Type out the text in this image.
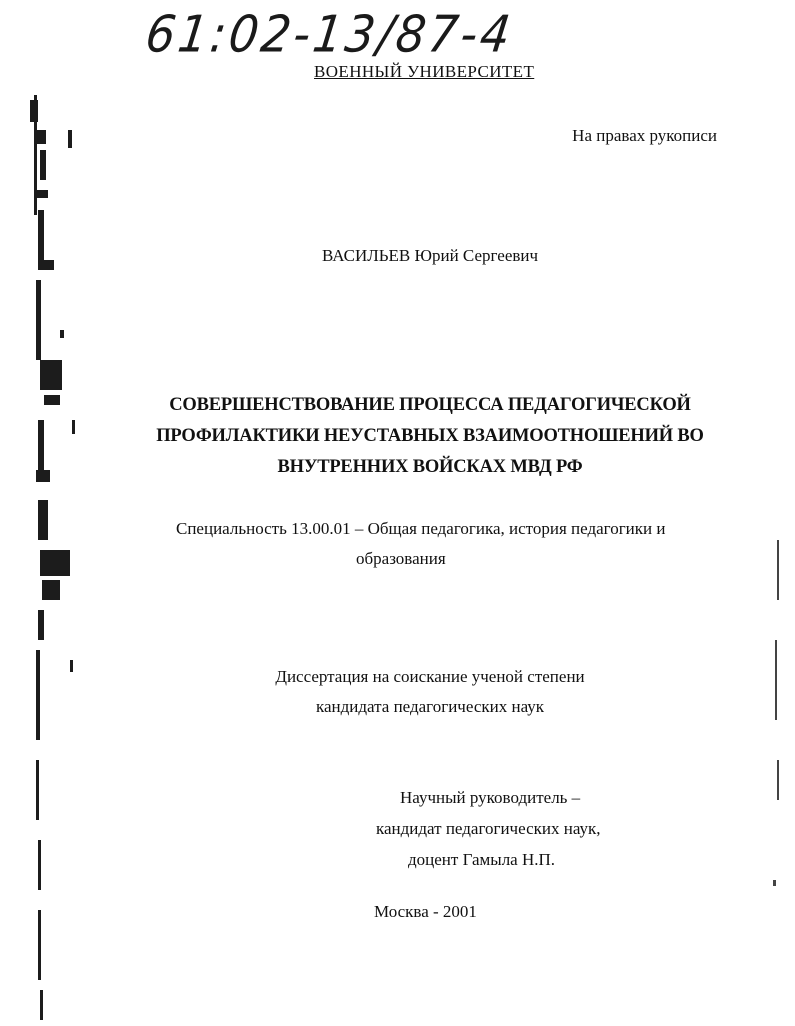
61:02-13/87-4
ВОЕННЫЙ УНИВЕРСИТЕТ
На правах рукописи
ВАСИЛЬЕВ Юрий Сергеевич
СОВЕРШЕНСТВОВАНИЕ ПРОЦЕССА ПЕДАГОГИЧЕСКОЙ
ПРОФИЛАКТИКИ НЕУСТАВНЫХ ВЗАИМООТНОШЕНИЙ ВО
ВНУТРЕННИХ ВОЙСКАХ МВД РФ
Специальность 13.00.01 – Общая педагогика, история педагогики и
образования
Диссертация на соискание ученой степени
кандидата педагогических наук
Научный руководитель –
кандидат педагогических наук,
доцент Гамыла Н.П.
Москва - 2001
